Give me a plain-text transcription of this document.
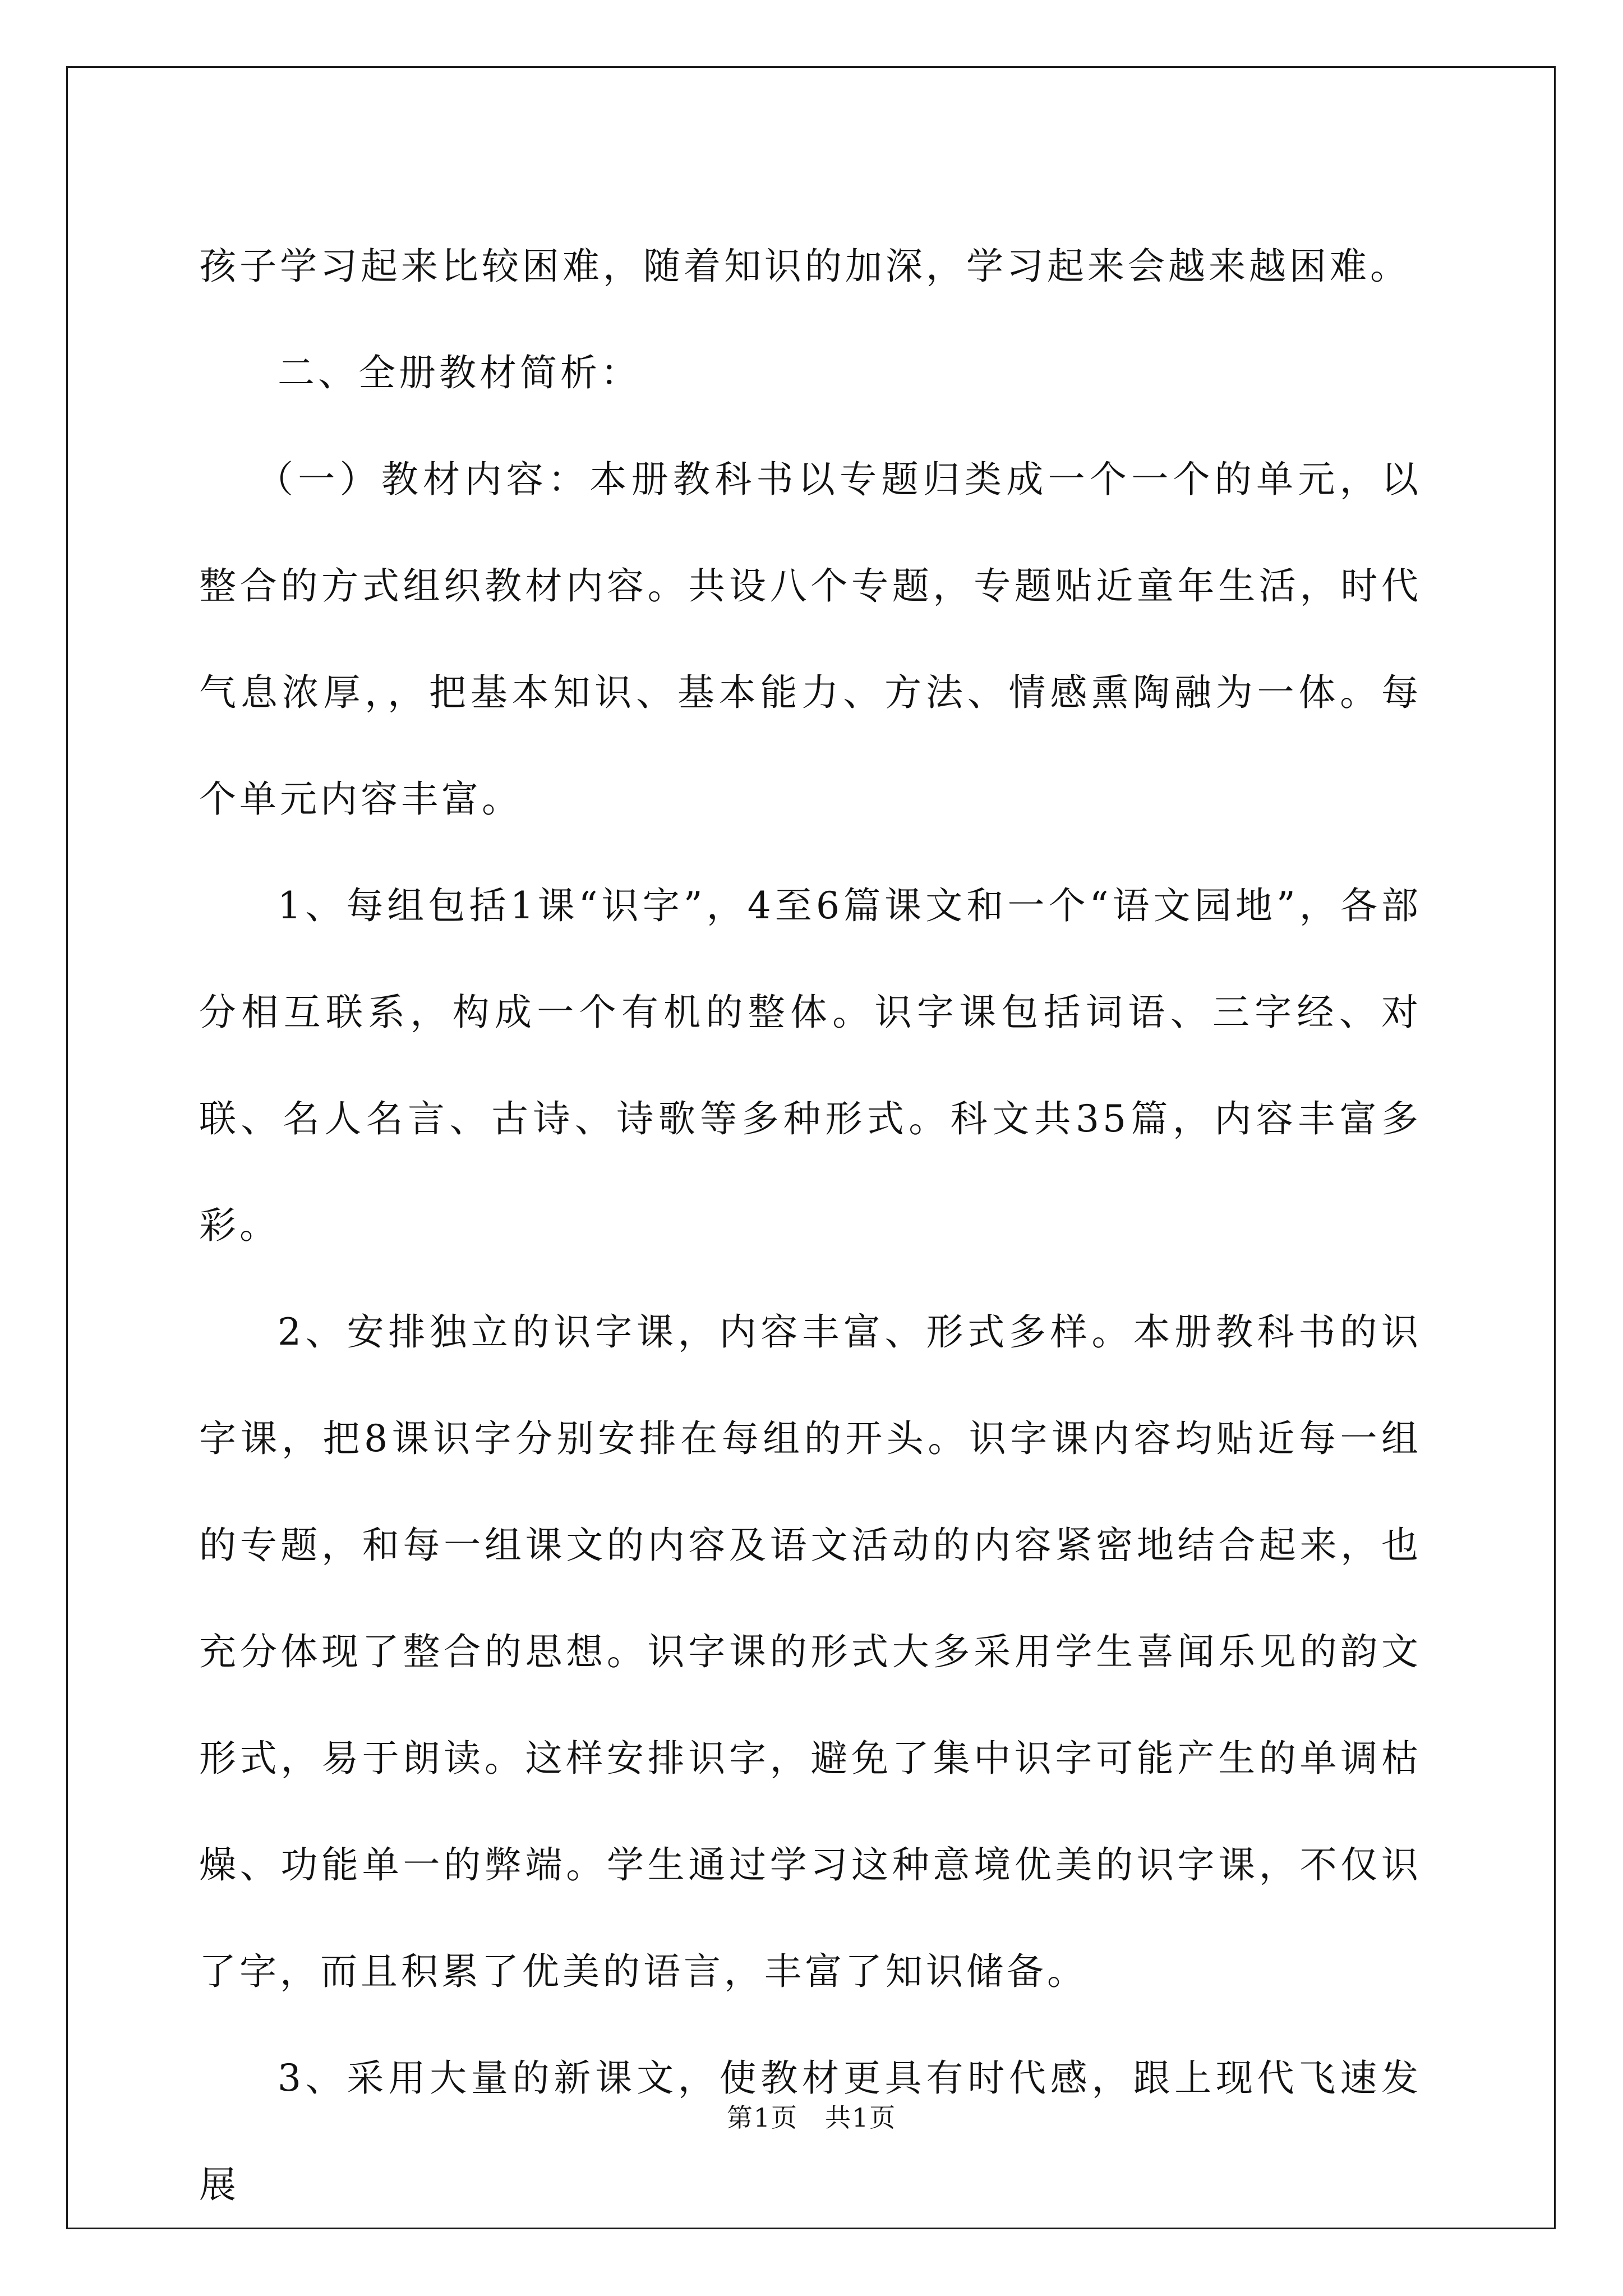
孩子学习起来比较困难，随着知识的加深，学习起来会越来越困难。

二、全册教材简析：

（一）教材内容：本册教科书以专题归类成一个一个的单元，以整合的方式组织教材内容。共设八个专题，专题贴近童年生活，时代气息浓厚，，把基本知识、基本能力、方法、情感熏陶融为一体。每个单元内容丰富。

1、每组包括1课“识字”，4至6篇课文和一个“语文园地”，各部分相互联系，构成一个有机的整体。识字课包括词语、三字经、对联、名人名言、古诗、诗歌等多种形式。科文共35篇，内容丰富多彩。

2、安排独立的识字课，内容丰富、形式多样。本册教科书的识字课，把8课识字分别安排在每组的开头。识字课内容均贴近每一组的专题，和每一组课文的内容及语文活动的内容紧密地结合起来，也充分体现了整合的思想。识字课的形式大多采用学生喜闻乐见的韵文形式，易于朗读。这样安排识字，避免了集中识字可能产生的单调枯燥、功能单一的弊端。学生通过学习这种意境优美的识字课，不仅识了字，而且积累了优美的语言，丰富了知识储备。

3、采用大量的新课文，使教材更具有时代感，跟上现代飞速发展

第1页　共1页
